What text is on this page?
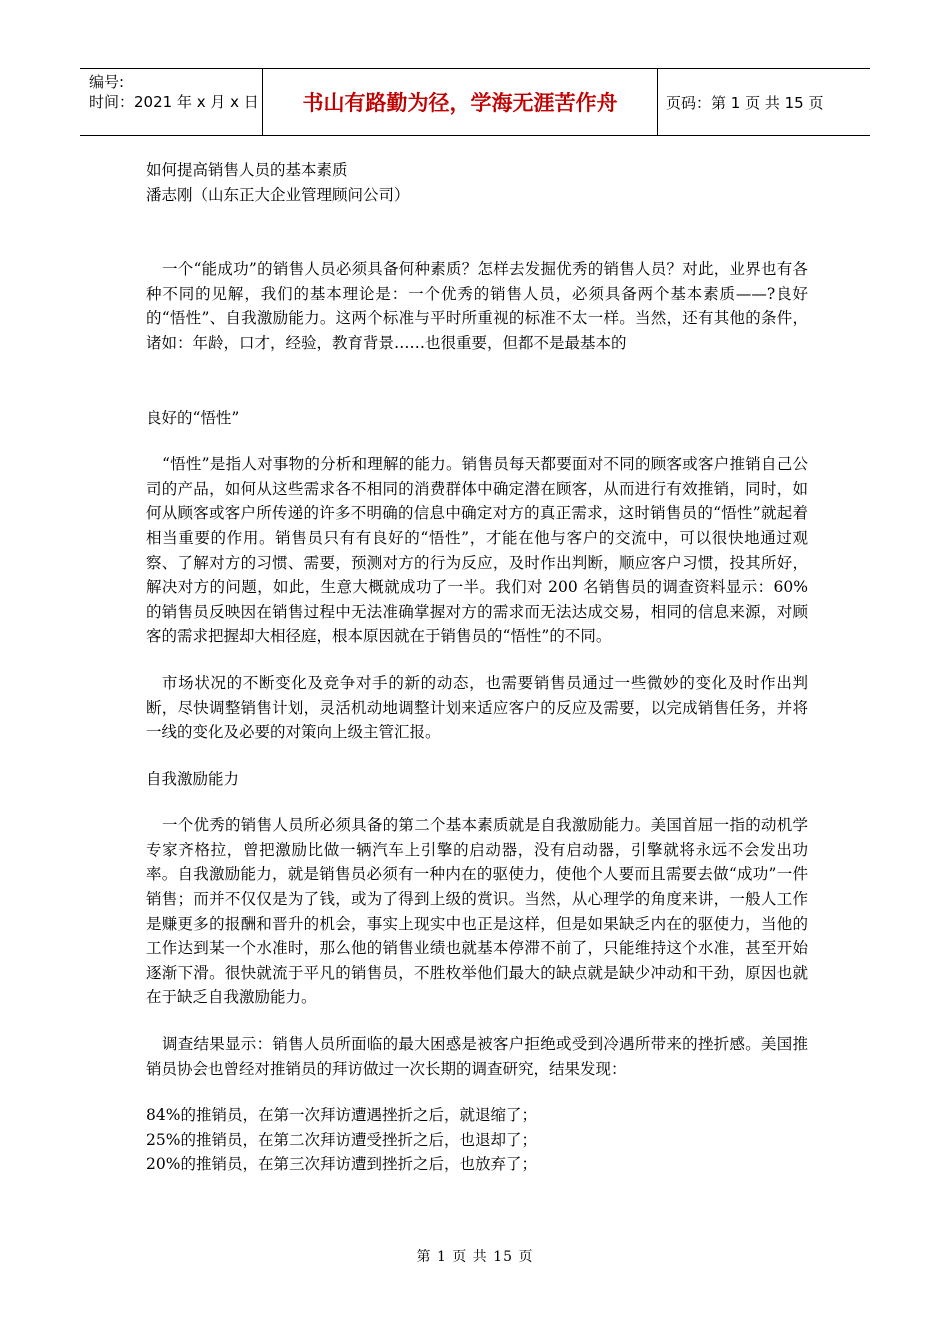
编号:
时间：2021 年 x 月 x 日 书山有路勤为径，学海无涯苦作舟	页码：第 1 页 共 15 页

如何提高销售人员的基本素质

潘志刚（山东正大企业管理顾问公司）

一个“能成功”的销售人员必须具备何种素质？怎样去发掘优秀的销售人员？对此，业界也有各种不同的见解，我们的基本理论是：一个优秀的销售人员，必须具备两个基本素质——?良好的“悟性”、自我激励能力。这两个标准与平时所重视的标准不太一样。当然，还有其他的条件，诸如：年龄，口才，经验，教育背景……也很重要，但都不是最基本的

良好的“悟性”

“悟性”是指人对事物的分析和理解的能力。销售员每天都要面对不同的顾客或客户推销自己公司的产品，如何从这些需求各不相同的消费群体中确定潜在顾客，从而进行有效推销，同时，如何从顾客或客户所传递的许多不明确的信息中确定对方的真正需求，这时销售员的“悟性”就起着相当重要的作用。销售员只有有良好的“悟性”，才能在他与客户的交流中，可以很快地通过观察、了解对方的习惯、需要，预测对方的行为反应，及时作出判断，顺应客户习惯，投其所好，解决对方的问题，如此，生意大概就成功了一半。我们对 200 名销售员的调查资料显示：60%的销售员反映因在销售过程中无法准确掌握对方的需求而无法达成交易，相同的信息来源，对顾客的需求把握却大相径庭，根本原因就在于销售员的“悟性”的不同。

市场状况的不断变化及竞争对手的新的动态，也需要销售员通过一些微妙的变化及时作出判断，尽快调整销售计划，灵活机动地调整计划来适应客户的反应及需要，以完成销售任务，并将一线的变化及必要的对策向上级主管汇报。

自我激励能力

一个优秀的销售人员所必须具备的第二个基本素质就是自我激励能力。美国首屈一指的动机学专家齐格拉，曾把激励比做一辆汽车上引擎的启动器，没有启动器，引擎就将永远不会发出功率。自我激励能力，就是销售员必须有一种内在的驱使力，使他个人要而且需要去做“成功”一件销售；而并不仅仅是为了钱，或为了得到上级的赏识。当然，从心理学的角度来讲，一般人工作是赚更多的报酬和晋升的机会，事实上现实中也正是这样，但是如果缺乏内在的驱使力，当他的工作达到某一个水准时，那么他的销售业绩也就基本停滞不前了，只能维持这个水准，甚至开始逐渐下滑。很快就流于平凡的销售员，不胜枚举他们最大的缺点就是缺少冲动和干劲，原因也就在于缺乏自我激励能力。

调查结果显示：销售人员所面临的最大困惑是被客户拒绝或受到冷遇所带来的挫折感。美国推销员协会也曾经对推销员的拜访做过一次长期的调查研究，结果发现：

84%的推销员，在第一次拜访遭遇挫折之后，就退缩了；

25%的推销员，在第二次拜访遭受挫折之后，也退却了；

20%的推销员，在第三次拜访遭到挫折之后，也放弃了；

第 1 页 共 15 页
